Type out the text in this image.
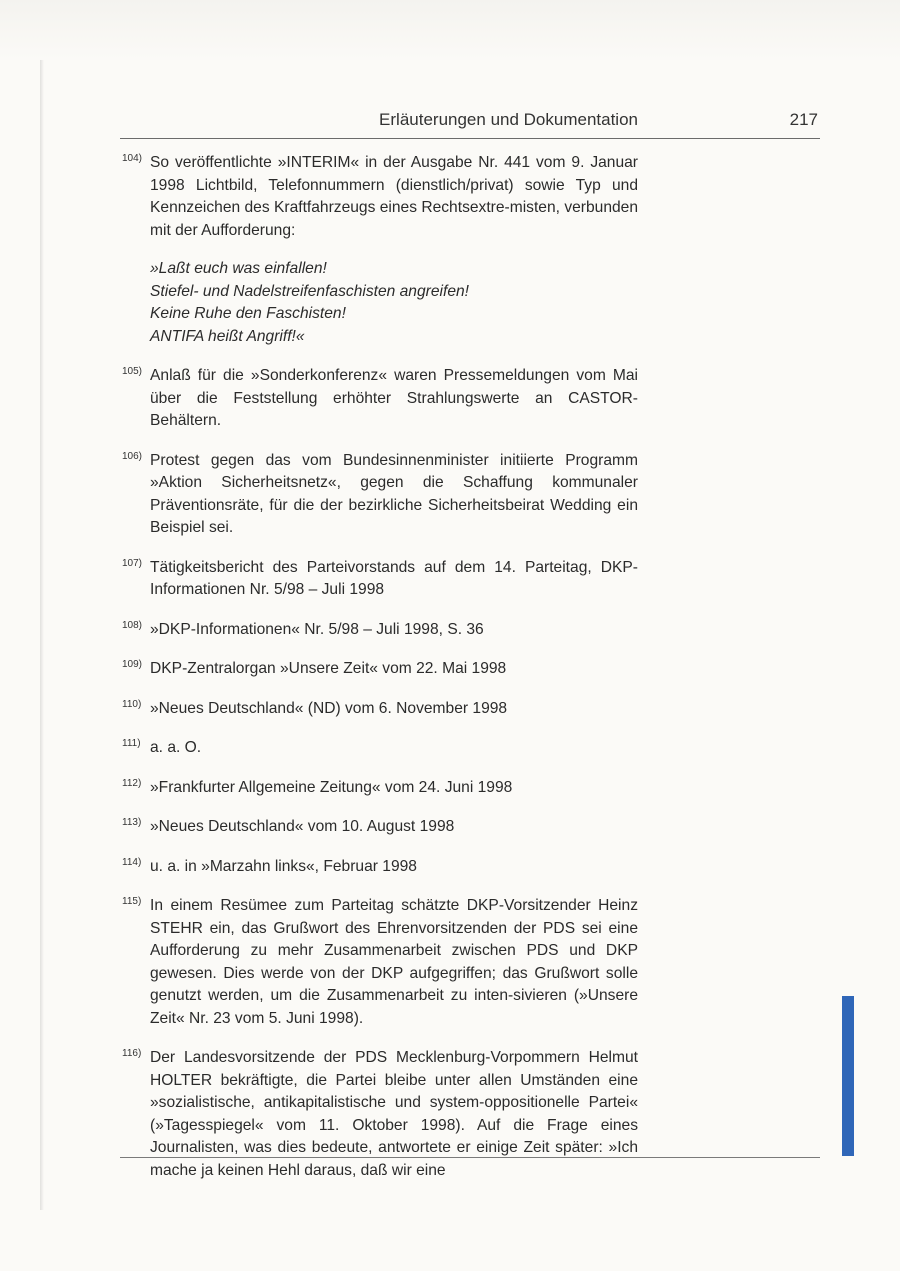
Erläuterungen und Dokumentation	217
104) So veröffentlichte »INTERIM« in der Ausgabe Nr. 441 vom 9. Januar 1998 Lichtbild, Telefonnummern (dienstlich/privat) sowie Typ und Kennzeichen des Kraftfahrzeugs eines Rechtsextre-misten, verbunden mit der Aufforderung:

»Laßt euch was einfallen!
Stiefel- und Nadelstreifenfaschisten angreifen!
Keine Ruhe den Faschisten!
ANTIFA heißt Angriff!«
105) Anlaß für die »Sonderkonferenz« waren Pressemeldungen vom Mai über die Feststellung erhöhter Strahlungswerte an CASTOR-Behältern.

106) Protest gegen das vom Bundesinnenminister initiierte Programm »Aktion Sicherheitsnetz«, gegen die Schaffung kommunaler Präventionsräte, für die der bezirkliche Sicherheitsbeirat Wedding ein Beispiel sei.

107) Tätigkeitsbericht des Parteivorstands auf dem 14. Parteitag, DKP-Informationen Nr. 5/98 – Juli 1998

108) »DKP-Informationen« Nr. 5/98 – Juli 1998, S. 36

109) DKP-Zentralorgan »Unsere Zeit« vom 22. Mai 1998

110) »Neues Deutschland« (ND) vom 6. November 1998

111) a. a. O.

112) »Frankfurter Allgemeine Zeitung« vom 24. Juni 1998

113) »Neues Deutschland« vom 10. August 1998

114) u. a. in »Marzahn links«, Februar 1998

115) In einem Resümee zum Parteitag schätzte DKP-Vorsitzender Heinz STEHR ein, das Grußwort des Ehrenvorsitzenden der PDS sei eine Aufforderung zu mehr Zusammenarbeit zwischen PDS und DKP gewesen. Dies werde von der DKP aufgegriffen; das Grußwort solle genutzt werden, um die Zusammenarbeit zu inten-sivieren (»Unsere Zeit« Nr. 23 vom 5. Juni 1998).

116) Der Landesvorsitzende der PDS Mecklenburg-Vorpommern Helmut HOLTER bekräftigte, die Partei bleibe unter allen Umständen eine »sozialistische, antikapitalistische und system-oppositionelle Partei« (»Tagesspiegel« vom 11. Oktober 1998). Auf die Frage eines Journalisten, was dies bedeute, antwortete er einige Zeit später: »Ich mache ja keinen Hehl daraus, daß wir eine
